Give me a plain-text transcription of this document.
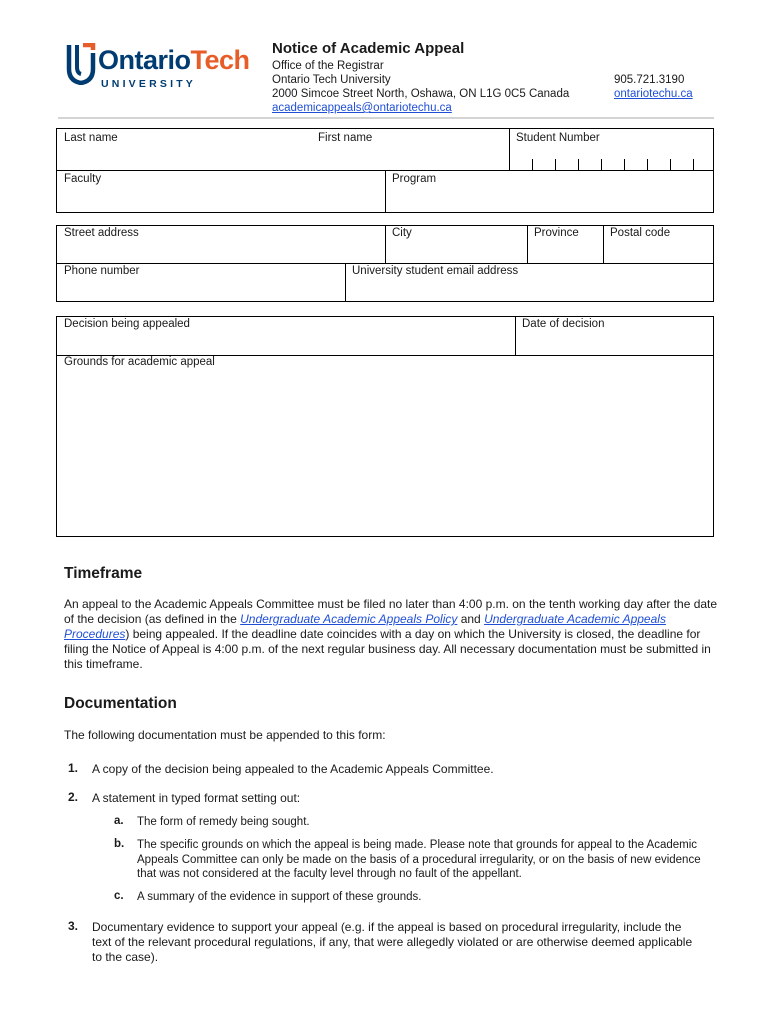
OntarioTech
UNIVERSITY
Notice of Academic Appeal
Office of the Registrar
Ontario Tech University
2000 Simcoe Street North, Oshawa, ON L1G 0C5 Canada
academicappeals@ontariotechu.ca
905.721.3190
ontariotechu.ca
Last name	First name	Student Number
Faculty	Program
Street address	City	Province	Postal code
Phone number	University student email address
Decision being appealed	Date of decision
Grounds for academic appeal
Timeframe
An appeal to the Academic Appeals Committee must be filed no later than 4:00 p.m. on the tenth working day after the date of the decision (as defined in the Undergraduate Academic Appeals Policy and Undergraduate Academic Appeals Procedures) being appealed. If the deadline date coincides with a day on which the University is closed, the deadline for filing the Notice of Appeal is 4:00 p.m. of the next regular business day. All necessary documentation must be submitted in this timeframe.
Documentation
The following documentation must be appended to this form:
1. A copy of the decision being appealed to the Academic Appeals Committee.
2. A statement in typed format setting out:
a. The form of remedy being sought.
b. The specific grounds on which the appeal is being made. Please note that grounds for appeal to the Academic Appeals Committee can only be made on the basis of a procedural irregularity, or on the basis of new evidence that was not considered at the faculty level through no fault of the appellant.
c. A summary of the evidence in support of these grounds.
3. Documentary evidence to support your appeal (e.g. if the appeal is based on procedural irregularity, include the text of the relevant procedural regulations, if any, that were allegedly violated or are otherwise deemed applicable to the case).
